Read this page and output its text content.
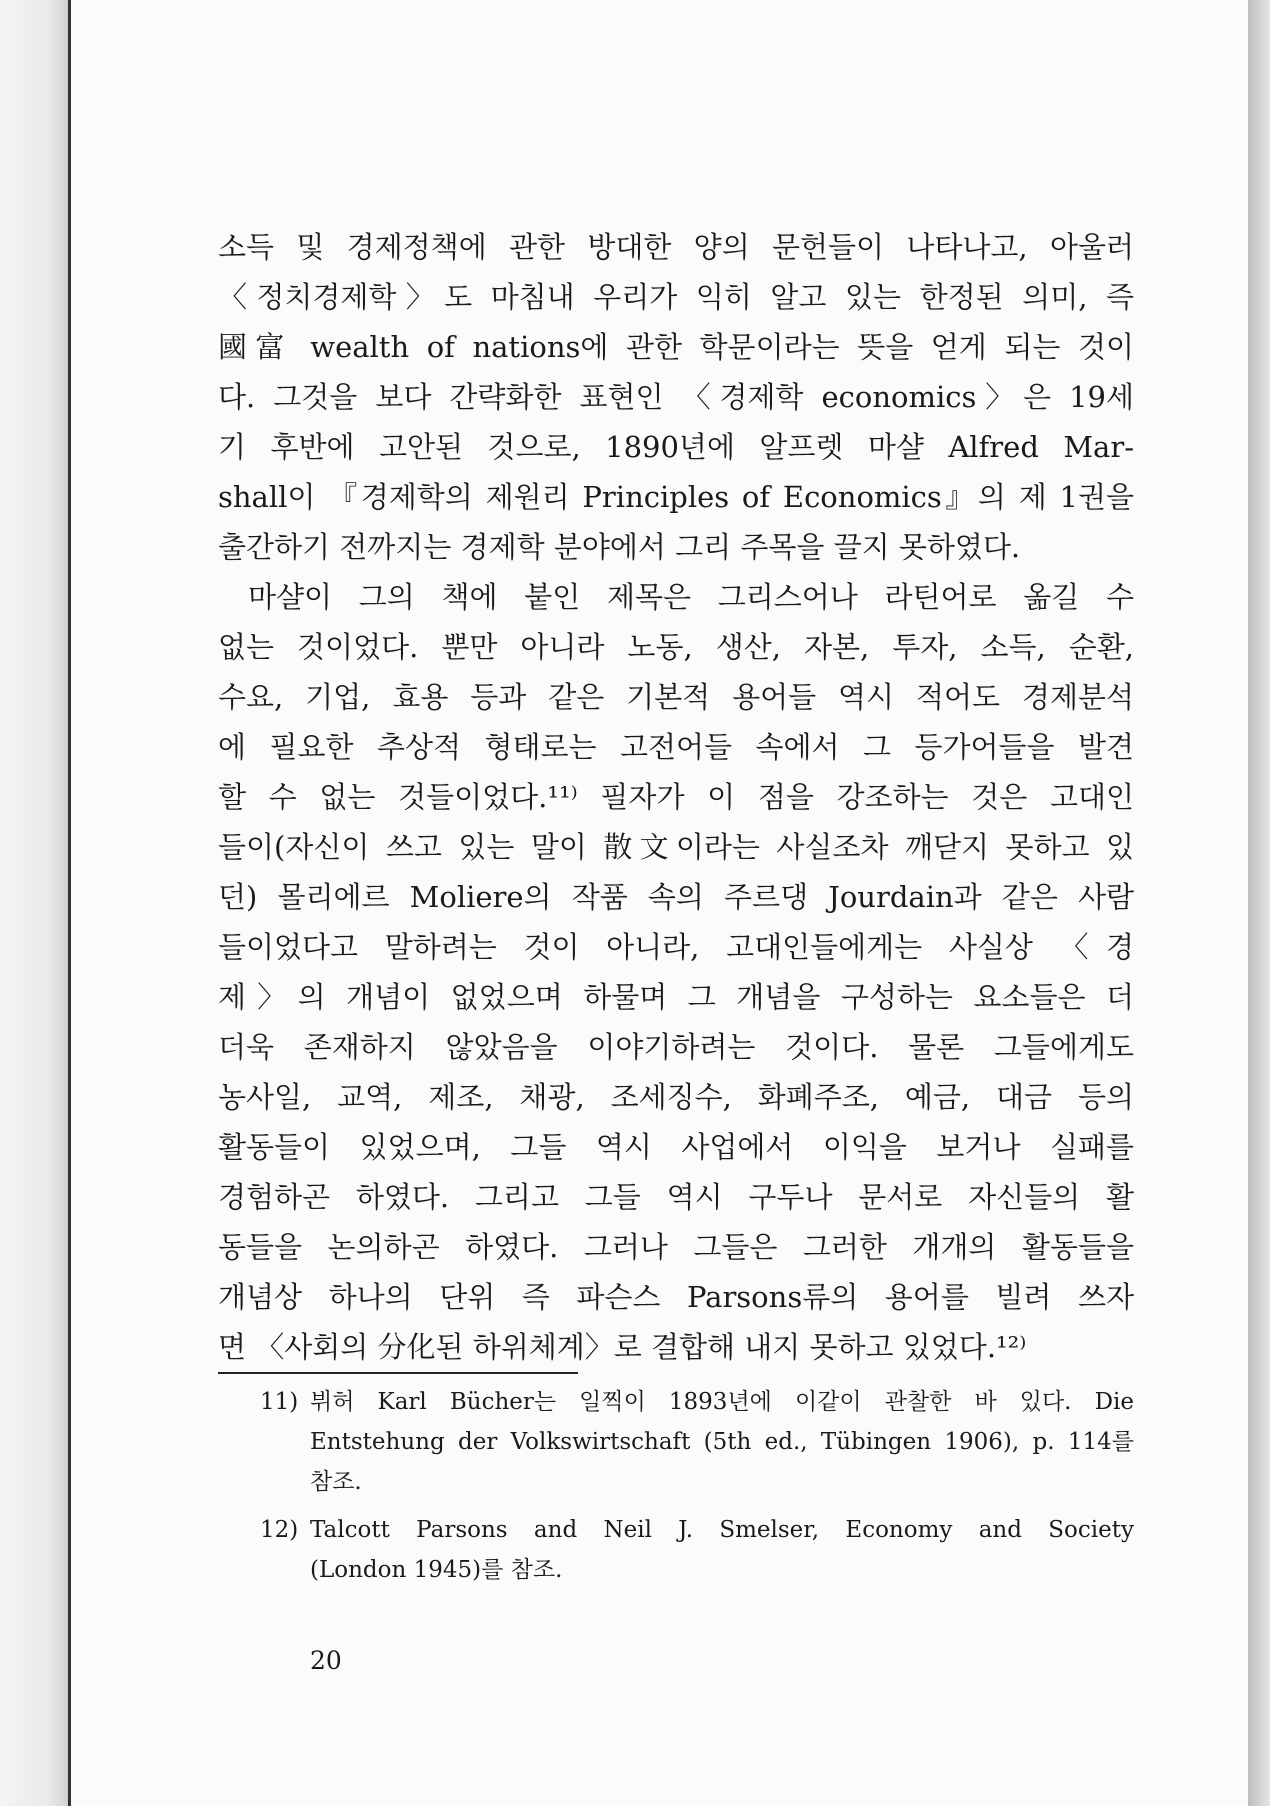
소득 및 경제정책에 관한 방대한 양의 문헌들이 나타나고, 아울러
〈정치경제학〉도 마침내 우리가 익히 알고 있는 한정된 의미, 즉
國富 wealth of nations에 관한 학문이라는 뜻을 얻게 되는 것이
다. 그것을 보다 간략화한 표현인 〈경제학 economics〉은 19세
기 후반에 고안된 것으로, 1890년에 알프렛 마샬 Alfred Mar-
shall이 『경제학의 제원리 Principles of Economics』의 제 1권을
출간하기 전까지는 경제학 분야에서 그리 주목을 끌지 못하였다.
마샬이 그의 책에 붙인 제목은 그리스어나 라틴어로 옮길 수
없는 것이었다. 뿐만 아니라 노동, 생산, 자본, 투자, 소득, 순환,
수요, 기업, 효용 등과 같은 기본적 용어들 역시 적어도 경제분석
에 필요한 추상적 형태로는 고전어들 속에서 그 등가어들을 발견
할 수 없는 것들이었다.¹¹⁾ 필자가 이 점을 강조하는 것은 고대인
들이(자신이 쓰고 있는 말이 散文이라는 사실조차 깨닫지 못하고 있
던) 몰리에르 Moliere의 작품 속의 주르댕 Jourdain과 같은 사람
들이었다고 말하려는 것이 아니라, 고대인들에게는 사실상 〈경
제〉의 개념이 없었으며 하물며 그 개념을 구성하는 요소들은 더
더욱 존재하지 않았음을 이야기하려는 것이다. 물론 그들에게도
농사일, 교역, 제조, 채광, 조세징수, 화폐주조, 예금, 대금 등의
활동들이 있었으며, 그들 역시 사업에서 이익을 보거나 실패를
경험하곤 하였다. 그리고 그들 역시 구두나 문서로 자신들의 활
동들을 논의하곤 하였다. 그러나 그들은 그러한 개개의 활동들을
개념상 하나의 단위 즉 파슨스 Parsons류의 용어를 빌려 쓰자
면 〈사회의 分化된 하위체계〉로 결합해 내지 못하고 있었다.¹²⁾
11) 뷔허 Karl Bücher는 일찍이 1893년에 이같이 관찰한 바 있다. Die
Entstehung der Volkswirtschaft (5th ed., Tübingen 1906), p. 114를
참조.
12) Talcott Parsons and Neil J. Smelser, Economy and Society
(London 1945)를 참조.
20
